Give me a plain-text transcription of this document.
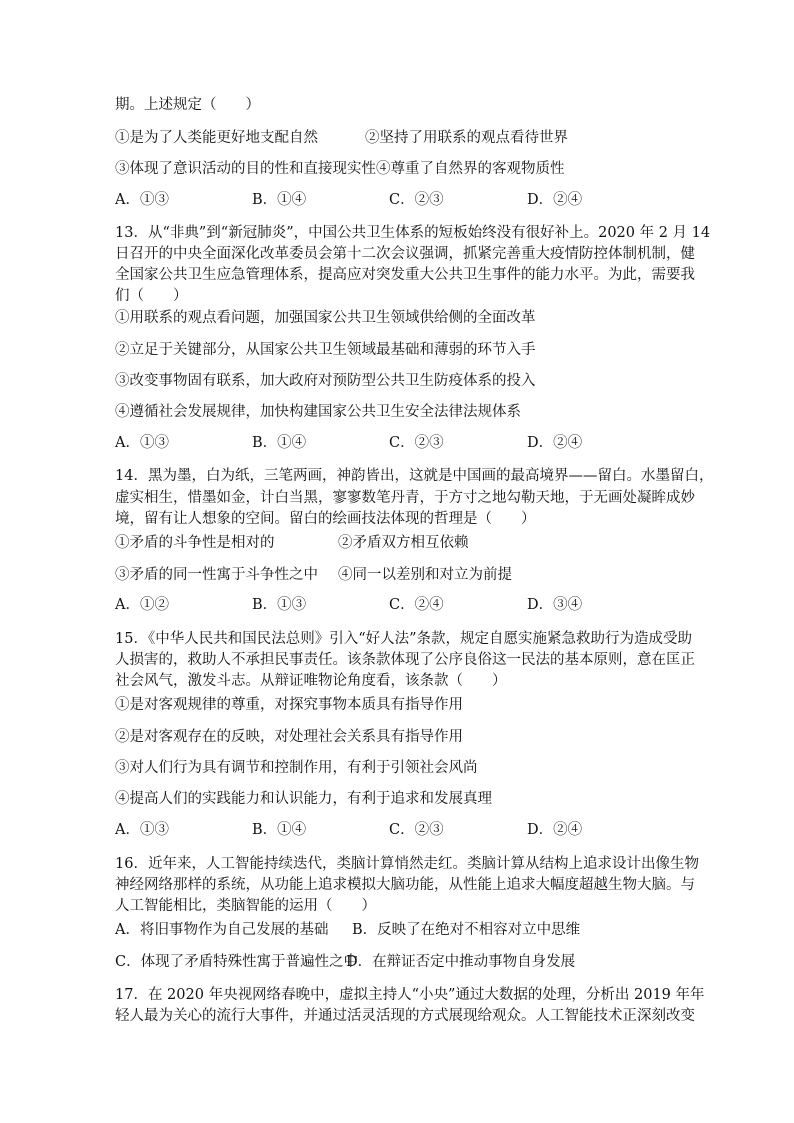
期。上述规定（　　）
①是为了人类能更好地支配自然	②坚持了用联系的观点看待世界
③体现了意识活动的目的性和直接现实性④尊重了自然界的客观物质性
A．①③	B．①④	C．②③	D．②④
13．从“非典”到“新冠肺炎”，中国公共卫生体系的短板始终没有很好补上。2020 年 2 月 14
日召开的中央全面深化改革委员会第十二次会议强调，抓紧完善重大疫情防控体制机制，健
全国家公共卫生应急管理体系，提高应对突发重大公共卫生事件的能力水平。为此，需要我
们（　　）
①用联系的观点看问题，加强国家公共卫生领域供给侧的全面改革
②立足于关键部分，从国家公共卫生领域最基础和薄弱的环节入手
③改变事物固有联系，加大政府对预防型公共卫生防疫体系的投入
④遵循社会发展规律，加快构建国家公共卫生安全法律法规体系
A．①③	B．①④	C．②③	D．②④
14．黑为墨，白为纸，三笔两画，神韵皆出，这就是中国画的最高境界——留白。水墨留白，
虚实相生，惜墨如金，计白当黑，寥寥数笔丹青，于方寸之地勾勒天地，于无画处凝眸成妙
境，留有让人想象的空间。留白的绘画技法体现的哲理是（　　）
①矛盾的斗争性是相对的	②矛盾双方相互依赖
③矛盾的同一性寓于斗争性之中 ④同一以差别和对立为前提
A．①②	B．①③	C．②④	D．③④
15．《中华人民共和国民法总则》引入“好人法”条款，规定自愿实施紧急救助行为造成受助
人损害的，救助人不承担民事责任。该条款体现了公序良俗这一民法的基本原则，意在匡正
社会风气，激发斗志。从辩证唯物论角度看，该条款（　　）
①是对客观规律的尊重，对探究事物本质具有指导作用
②是对客观存在的反映，对处理社会关系具有指导作用
③对人们行为具有调节和控制作用，有利于引领社会风尚
④提高人们的实践能力和认识能力，有利于追求和发展真理
A．①③	B．①④	C．②③	D．②④
16．近年来，人工智能持续迭代，类脑计算悄然走红。类脑计算从结构上追求设计出像生物
神经网络那样的系统，从功能上追求模拟大脑功能，从性能上追求大幅度超越生物大脑。与
人工智能相比，类脑智能的运用（　　）
A．将旧事物作为自己发展的基础 B．反映了在绝对不相容对立中思维
C．体现了矛盾特殊性寓于普遍性之中
D．在辩证否定中推动事物自身发展
17．在 2020 年央视网络春晚中，虚拟主持人“小央”通过大数据的处理，分析出 2019 年年
轻人最为关心的流行大事件，并通过活灵活现的方式展现给观众。人工智能技术正深刻改变
